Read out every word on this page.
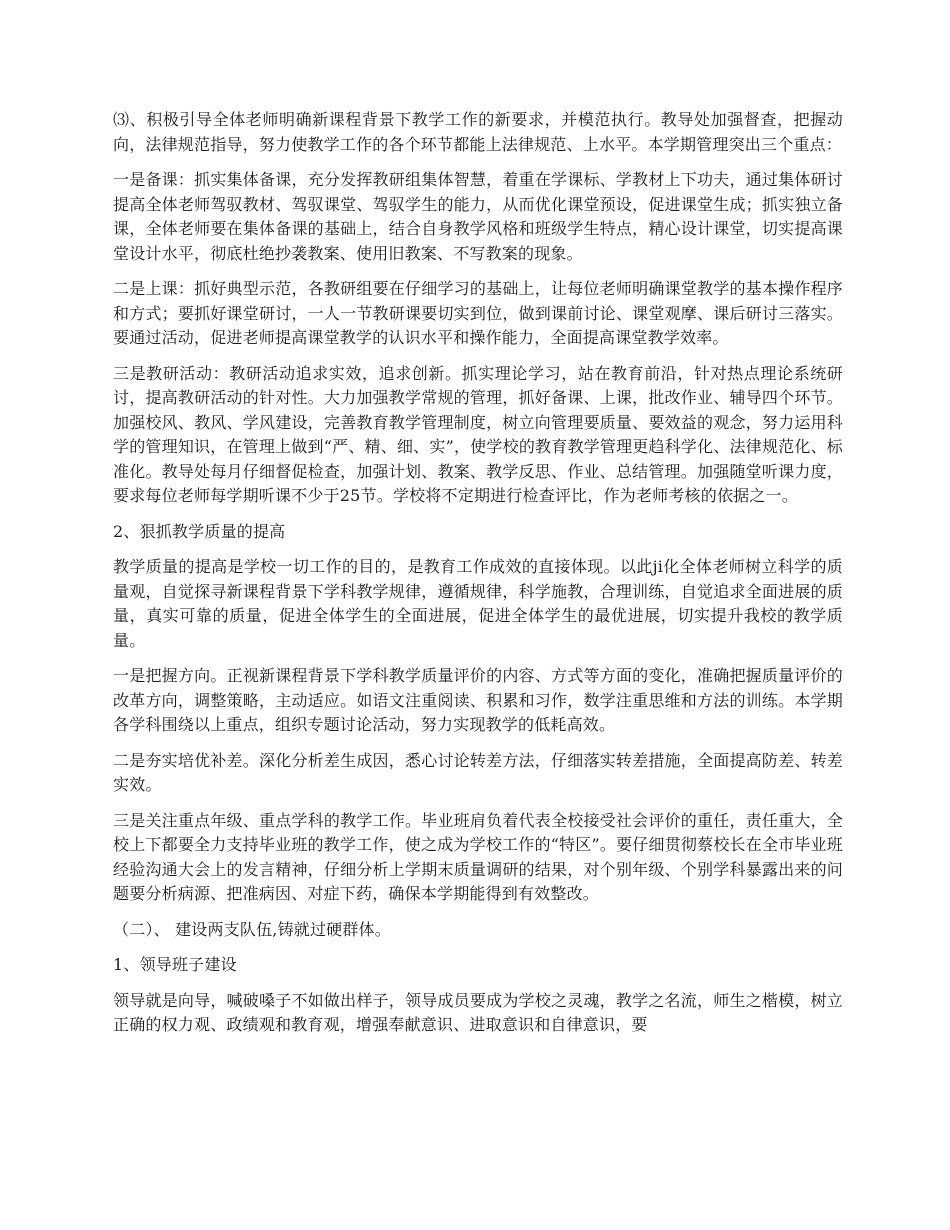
⑶、积极引导全体老师明确新课程背景下教学工作的新要求，并模范执行。教导处加强督查，把握动向，法律规范指导，努力使教学工作的各个环节都能上法律规范、上水平。本学期管理突出三个重点：

一是备课：抓实集体备课，充分发挥教研组集体智慧，着重在学课标、学教材上下功夫，通过集体研讨提高全体老师驾驭教材、驾驭课堂、驾驭学生的能力，从而优化课堂预设，促进课堂生成；抓实独立备课，全体老师要在集体备课的基础上，结合自身教学风格和班级学生特点，精心设计课堂，切实提高课堂设计水平，彻底杜绝抄袭教案、使用旧教案、不写教案的现象。

二是上课：抓好典型示范，各教研组要在仔细学习的基础上，让每位老师明确课堂教学的基本操作程序和方式；要抓好课堂研讨，一人一节教研课要切实到位，做到课前讨论、课堂观摩、课后研讨三落实。要通过活动，促进老师提高课堂教学的认识水平和操作能力，全面提高课堂教学效率。

三是教研活动：教研活动追求实效，追求创新。抓实理论学习，站在教育前沿，针对热点理论系统研讨，提高教研活动的针对性。大力加强教学常规的管理，抓好备课、上课，批改作业、辅导四个环节。加强校风、教风、学风建设，完善教育教学管理制度，树立向管理要质量、要效益的观念，努力运用科学的管理知识，在管理上做到“严、精、细、实”，使学校的教育教学管理更趋科学化、法律规范化、标准化。教导处每月仔细督促检查，加强计划、教案、教学反思、作业、总结管理。加强随堂听课力度，要求每位老师每学期听课不少于25节。学校将不定期进行检查评比，作为老师考核的依据之一。

2、狠抓教学质量的提高

教学质量的提高是学校一切工作的目的，是教育工作成效的直接体现。以此ji化全体老师树立科学的质量观，自觉探寻新课程背景下学科教学规律，遵循规律，科学施教，合理训练，自觉追求全面进展的质量，真实可靠的质量，促进全体学生的全面进展，促进全体学生的最优进展，切实提升我校的教学质量。

一是把握方向。正视新课程背景下学科教学质量评价的内容、方式等方面的变化，准确把握质量评价的改革方向，调整策略，主动适应。如语文注重阅读、积累和习作，数学注重思维和方法的训练。本学期各学科围绕以上重点，组织专题讨论活动，努力实现教学的低耗高效。

二是夯实培优补差。深化分析差生成因，悉心讨论转差方法，仔细落实转差措施，全面提高防差、转差实效。

三是关注重点年级、重点学科的教学工作。毕业班肩负着代表全校接受社会评价的重任，责任重大，全校上下都要全力支持毕业班的教学工作，使之成为学校工作的“特区”。要仔细贯彻蔡校长在全市毕业班经验沟通大会上的发言精神，仔细分析上学期末质量调研的结果，对个别年级、个别学科暴露出来的问题要分析病源、把准病因、对症下药，确保本学期能得到有效整改。

（二）、 建设两支队伍,铸就过硬群体。

1、领导班子建设

领导就是向导，喊破嗓子不如做出样子，领导成员要成为学校之灵魂，教学之名流，师生之楷模，树立正确的权力观、政绩观和教育观，增强奉献意识、进取意识和自律意识，要
